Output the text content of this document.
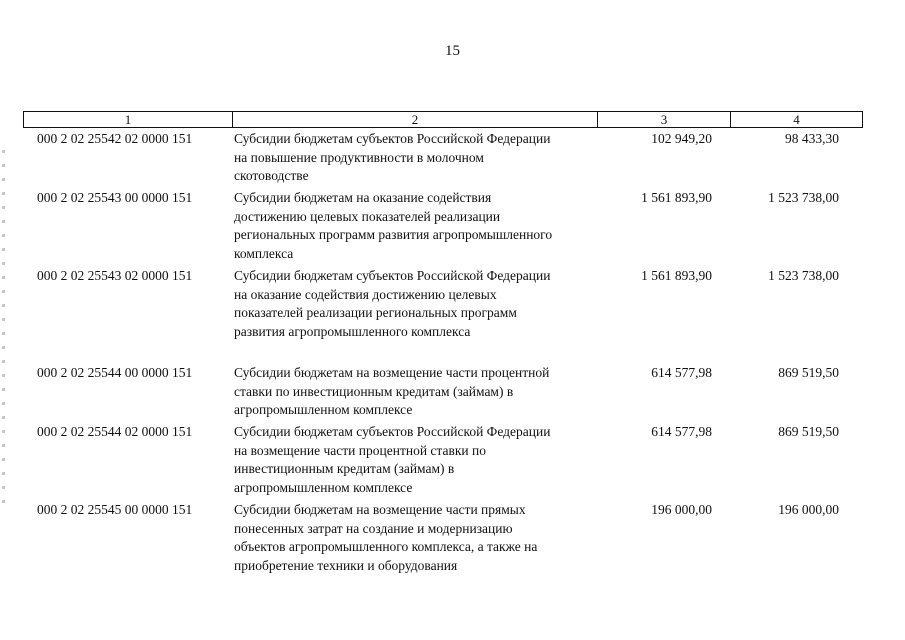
15
1	2	3	4
000 2 02 25542 02 0000 151	Субсидии бюджетам субъектов Российской Федерации
на повышение продуктивности в молочном
скотоводстве
102 949,20	98 433,30
000 2 02 25543 00 0000 151	Субсидии бюджетам на оказание содействия
достижению целевых показателей реализации
региональных программ развития агропромышленного
комплекса
1 561 893,90	1 523 738,00
000 2 02 25543 02 0000 151	Субсидии бюджетам субъектов Российской Федерации
на оказание содействия достижению целевых
показателей реализации региональных программ
развития агропромышленного комплекса
1 561 893,90	1 523 738,00
000 2 02 25544 00 0000 151	Субсидии бюджетам на возмещение части процентной
ставки по инвестиционным кредитам (займам) в
агропромышленном комплексе
614 577,98	869 519,50
000 2 02 25544 02 0000 151	Субсидии бюджетам субъектов Российской Федерации
на возмещение части процентной ставки по
инвестиционным кредитам (займам) в
агропромышленном комплексе
614 577,98	869 519,50
000 2 02 25545 00 0000 151	Субсидии бюджетам на возмещение части прямых
понесенных затрат на создание и модернизацию
объектов агропромышленного комплекса, а также на
приобретение техники и оборудования
196 000,00	196 000,00
